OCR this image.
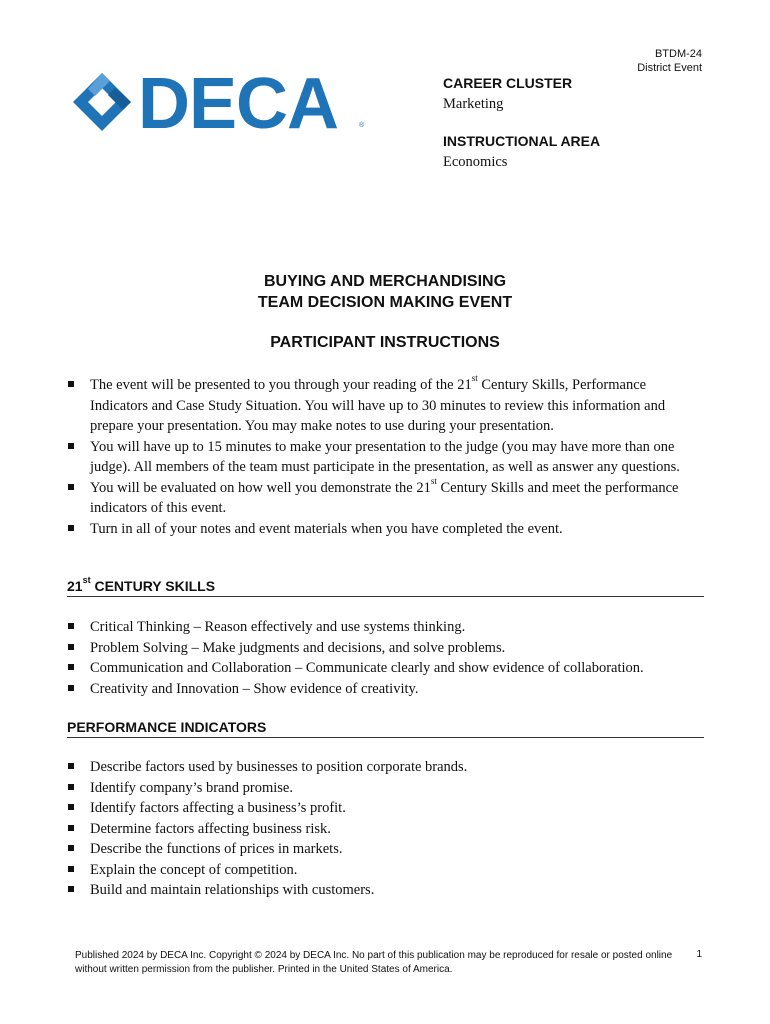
BTDM-24
District Event
DECA	®
CAREER CLUSTER
Marketing
INSTRUCTIONAL AREA
Economics
BUYING AND MERCHANDISING
TEAM DECISION MAKING EVENT
PARTICIPANT INSTRUCTIONS
The event will be presented to you through your reading of the 21st Century Skills, Performance Indicators and Case Study Situation. You will have up to 30 minutes to review this information and prepare your presentation. You may make notes to use during your presentation.
You will have up to 15 minutes to make your presentation to the judge (you may have more than one judge). All members of the team must participate in the presentation, as well as answer any questions.
You will be evaluated on how well you demonstrate the 21st Century Skills and meet the performance indicators of this event.
Turn in all of your notes and event materials when you have completed the event.
21st CENTURY SKILLS
Critical Thinking – Reason effectively and use systems thinking.
Problem Solving – Make judgments and decisions, and solve problems.
Communication and Collaboration – Communicate clearly and show evidence of collaboration.
Creativity and Innovation – Show evidence of creativity.
PERFORMANCE INDICATORS
Describe factors used by businesses to position corporate brands.
Identify company’s brand promise.
Identify factors affecting a business’s profit.
Determine factors affecting business risk.
Describe the functions of prices in markets.
Explain the concept of competition.
Build and maintain relationships with customers.
Published 2024 by DECA Inc. Copyright © 2024 by DECA Inc. No part of this publication may be reproduced for resale or posted online without written permission from the publisher. Printed in the United States of America.
1
